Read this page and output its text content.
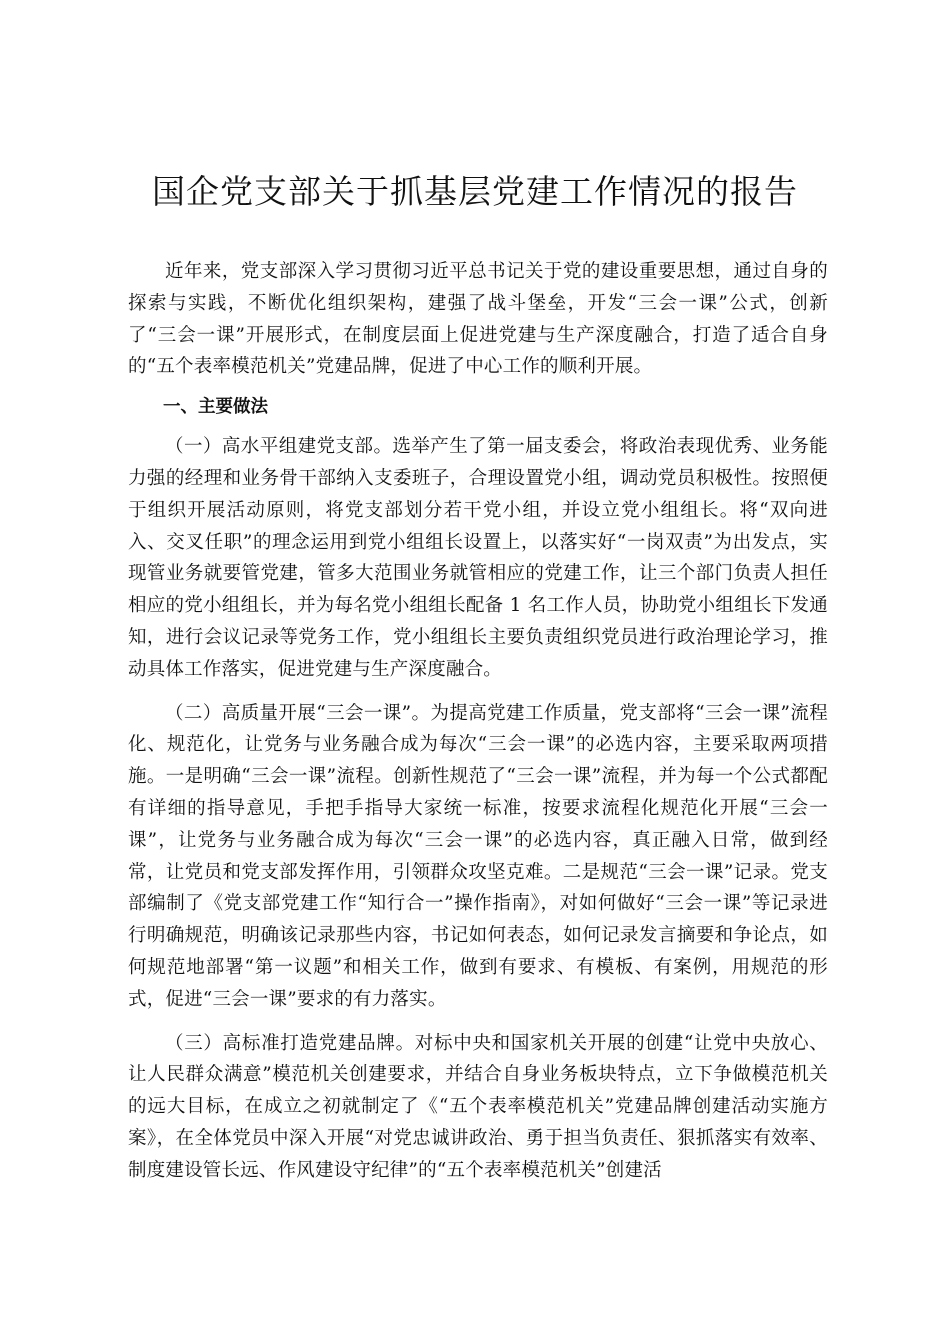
国企党支部关于抓基层党建工作情况的报告

近年来，党支部深入学习贯彻习近平总书记关于党的建设重要思想，通过自身的探索与实践，不断优化组织架构，建强了战斗堡垒，开发“三会一课”公式，创新了“三会一课”开展形式，在制度层面上促进党建与生产深度融合，打造了适合自身的“五个表率模范机关”党建品牌，促进了中心工作的顺利开展。

一、主要做法

（一）高水平组建党支部。选举产生了第一届支委会，将政治表现优秀、业务能力强的经理和业务骨干部纳入支委班子，合理设置党小组，调动党员积极性。按照便于组织开展活动原则，将党支部划分若干党小组，并设立党小组组长。将“双向进入、交叉任职”的理念运用到党小组组长设置上，以落实好“一岗双责”为出发点，实现管业务就要管党建，管多大范围业务就管相应的党建工作，让三个部门负责人担任相应的党小组组长，并为每名党小组组长配备 1 名工作人员，协助党小组组长下发通知，进行会议记录等党务工作，党小组组长主要负责组织党员进行政治理论学习，推动具体工作落实，促进党建与生产深度融合。

（二）高质量开展“三会一课”。为提高党建工作质量，党支部将“三会一课”流程化、规范化，让党务与业务融合成为每次“三会一课”的必选内容，主要采取两项措施。一是明确“三会一课”流程。创新性规范了“三会一课”流程，并为每一个公式都配有详细的指导意见，手把手指导大家统一标准，按要求流程化规范化开展“三会一课”，让党务与业务融合成为每次“三会一课”的必选内容，真正融入日常，做到经常，让党员和党支部发挥作用，引领群众攻坚克难。二是规范“三会一课”记录。党支部编制了《党支部党建工作“知行合一”操作指南》，对如何做好“三会一课”等记录进行明确规范，明确该记录那些内容，书记如何表态，如何记录发言摘要和争论点，如何规范地部署“第一议题”和相关工作，做到有要求、有模板、有案例，用规范的形式，促进“三会一课”要求的有力落实。

（三）高标准打造党建品牌。对标中央和国家机关开展的创建“让党中央放心、让人民群众满意”模范机关创建要求，并结合自身业务板块特点，立下争做模范机关的远大目标，在成立之初就制定了《“五个表率模范机关”党建品牌创建活动实施方案》，在全体党员中深入开展“对党忠诚讲政治、勇于担当负责任、狠抓落实有效率、制度建设管长远、作风建设守纪律”的“五个表率模范机关”创建活
